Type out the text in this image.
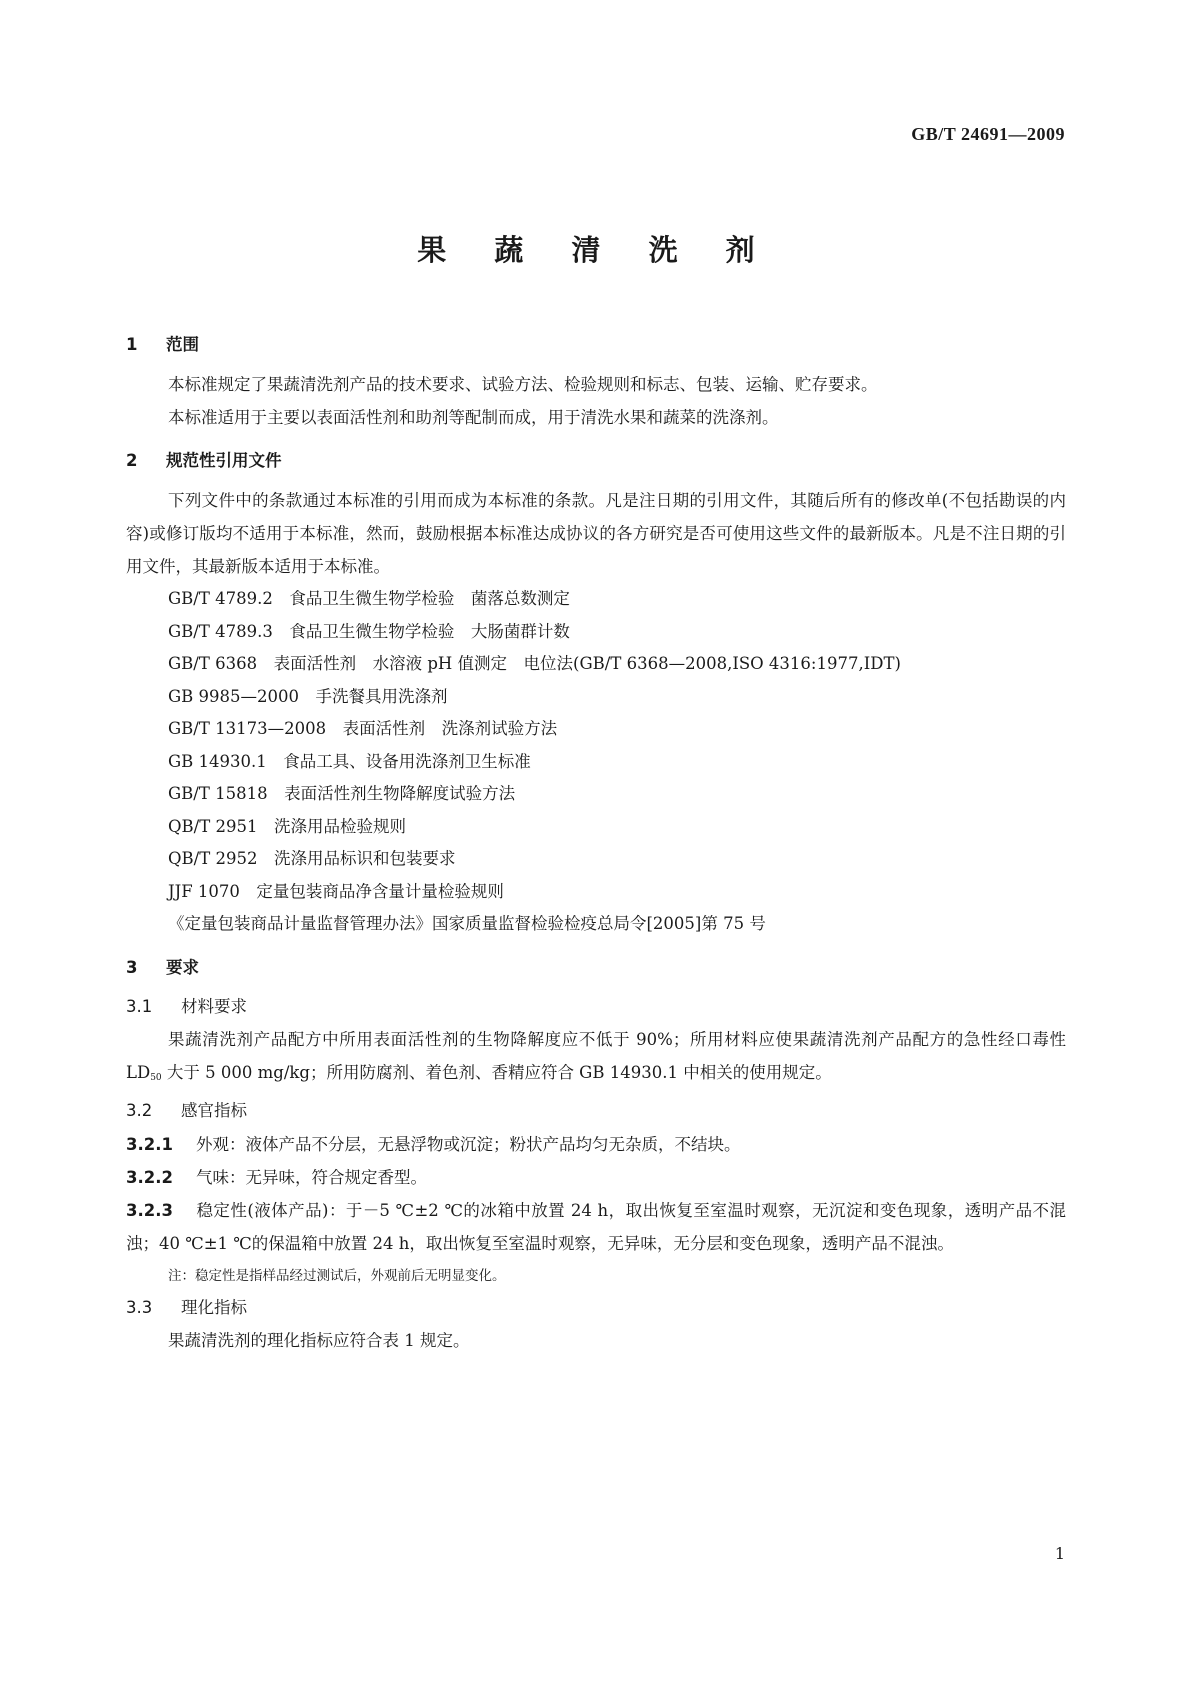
GB/T 24691—2009
果 蔬 清 洗 剂
1 范围
本标准规定了果蔬清洗剂产品的技术要求、试验方法、检验规则和标志、包装、运输、贮存要求。
本标准适用于主要以表面活性剂和助剂等配制而成，用于清洗水果和蔬菜的洗涤剂。
2 规范性引用文件
下列文件中的条款通过本标准的引用而成为本标准的条款。凡是注日期的引用文件，其随后所有的修改单(不包括勘误的内容)或修订版均不适用于本标准，然而，鼓励根据本标准达成协议的各方研究是否可使用这些文件的最新版本。凡是不注日期的引用文件，其最新版本适用于本标准。
GB/T 4789.2　食品卫生微生物学检验　菌落总数测定
GB/T 4789.3　食品卫生微生物学检验　大肠菌群计数
GB/T 6368　表面活性剂　水溶液 pH 值测定　电位法(GB/T 6368—2008,ISO 4316:1977,IDT)
GB 9985—2000　手洗餐具用洗涤剂
GB/T 13173—2008　表面活性剂　洗涤剂试验方法
GB 14930.1　食品工具、设备用洗涤剂卫生标准
GB/T 15818　表面活性剂生物降解度试验方法
QB/T 2951　洗涤用品检验规则
QB/T 2952　洗涤用品标识和包装要求
JJF 1070　定量包装商品净含量计量检验规则
《定量包装商品计量监督管理办法》国家质量监督检验检疫总局令[2005]第 75 号
3 要求
3.1 材料要求
果蔬清洗剂产品配方中所用表面活性剂的生物降解度应不低于 90%；所用材料应使果蔬清洗剂产品配方的急性经口毒性 $LD_{50}$ 大于 5 000 mg/kg；所用防腐剂、着色剂、香精应符合 GB 14930.1 中相关的使用规定。
3.2 感官指标
3.2.1 外观：液体产品不分层，无悬浮物或沉淀；粉状产品均匀无杂质，不结块。
3.2.2 气味：无异味，符合规定香型。
3.2.3 稳定性(液体产品)：于－5 ℃±2 ℃的冰箱中放置 24 h，取出恢复至室温时观察，无沉淀和变色现象，透明产品不混浊；40 ℃±1 ℃的保温箱中放置 24 h，取出恢复至室温时观察，无异味，无分层和变色现象，透明产品不混浊。
注：稳定性是指样品经过测试后，外观前后无明显变化。
3.3 理化指标
果蔬清洗剂的理化指标应符合表 1 规定。
1
